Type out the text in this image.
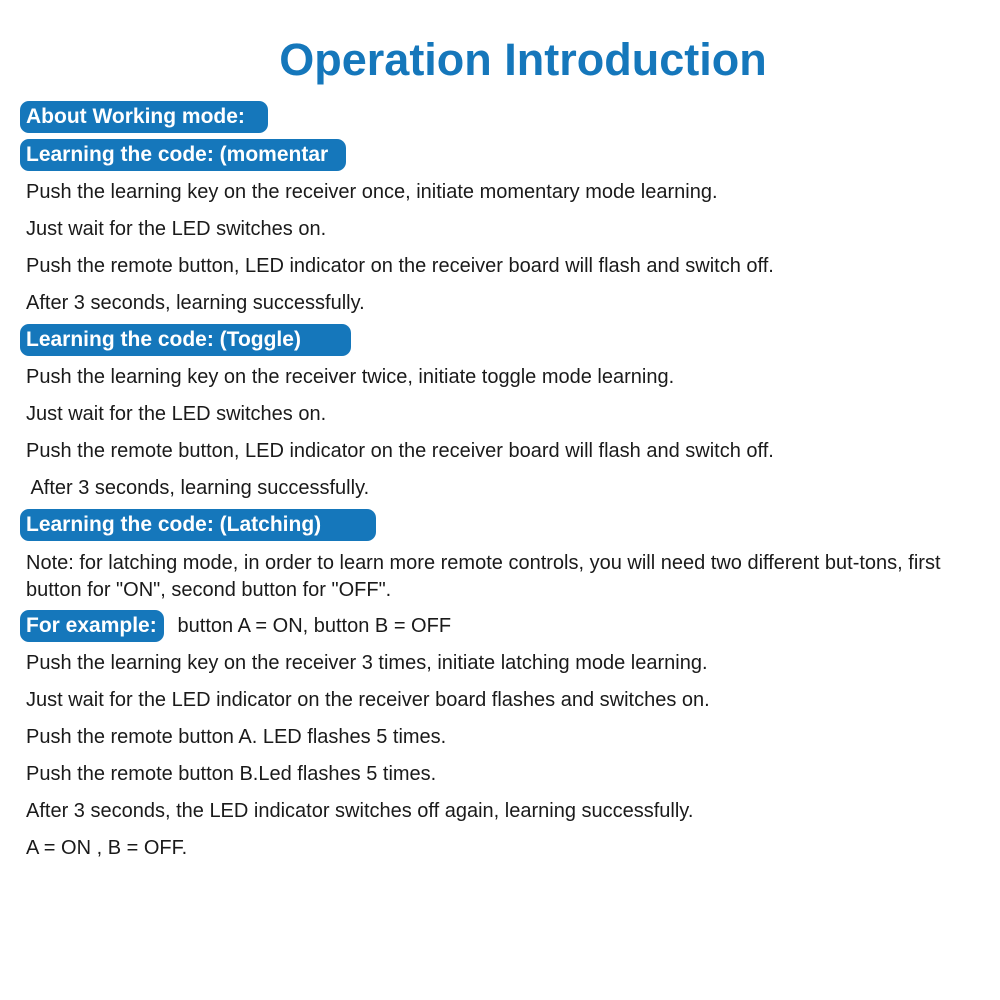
Operation Introduction
About Working mode:
Learning the code: (momentar
Push the learning key on the receiver once, initiate momentary mode learning.
Just wait for the LED switches on.
Push the remote button, LED indicator on the receiver board will flash and switch off.
After 3 seconds, learning successfully.
Learning the code: (Toggle)
Push the learning key on the receiver twice, initiate toggle mode learning.
Just wait for the LED switches on.
Push the remote button, LED indicator on the receiver board will flash and switch off.
After 3 seconds, learning successfully.
Learning the code: (Latching)
Note: for latching mode, in order to learn more remote controls, you will need two different but-tons, first button for "ON", second button for "OFF".
For example: button A = ON, button B = OFF
Push the learning key on the receiver 3 times, initiate latching mode learning.
Just wait for the LED indicator on the receiver board flashes and switches on.
Push the remote button A. LED flashes 5 times.
Push the remote button B.Led flashes 5 times.
After 3 seconds, the LED indicator switches off again, learning successfully.
A = ON , B = OFF.
